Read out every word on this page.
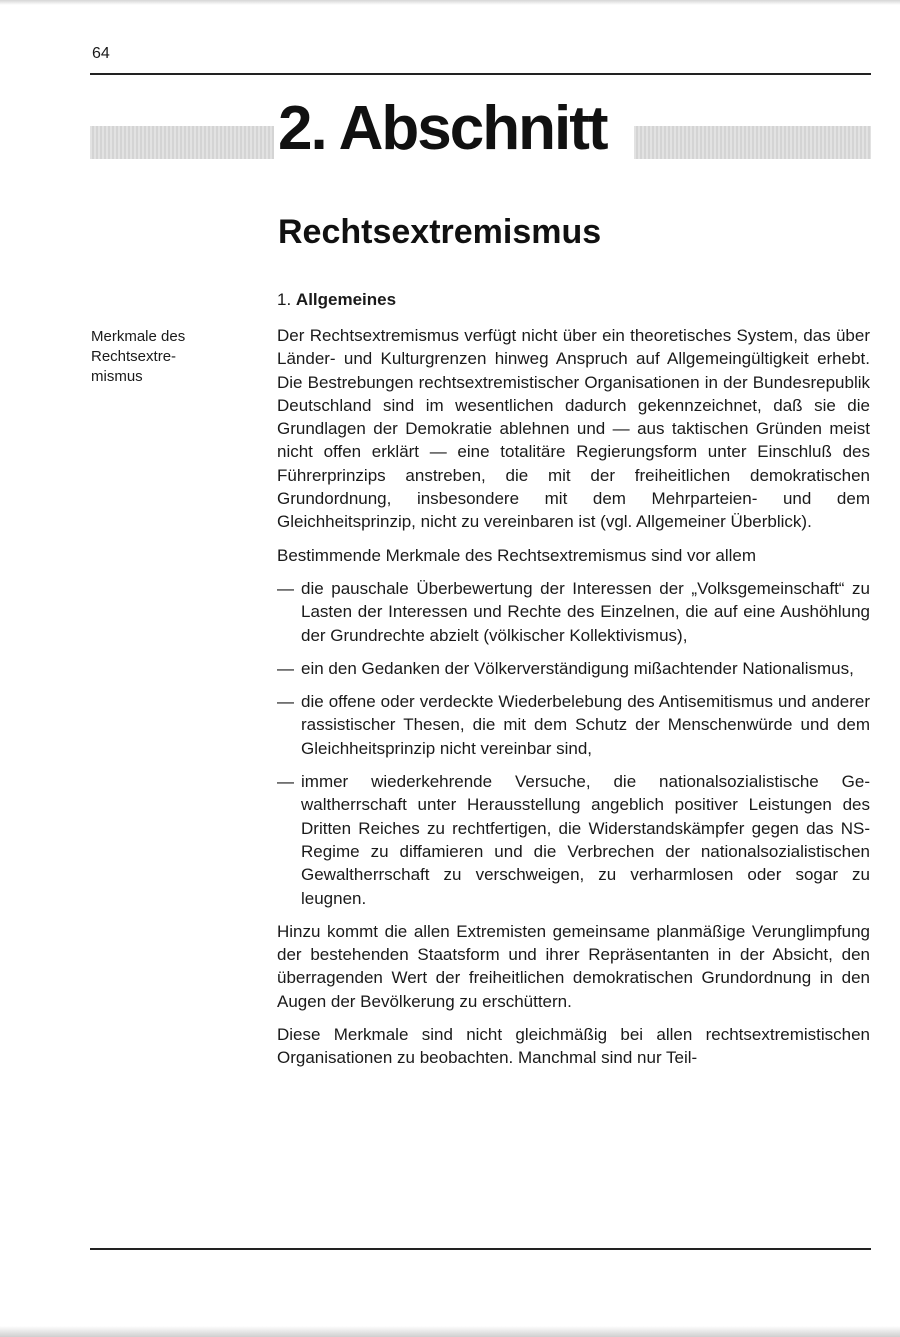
64
2. Abschnitt
Rechtsextremismus
1. Allgemeines
Merkmale des
Rechtsextre-
mismus

Der Rechtsextremismus verfügt nicht über ein theoretisches System, das über Länder- und Kulturgrenzen hinweg Anspruch auf Allgemeingültigkeit erhebt. Die Bestrebungen rechtsextremistischer Organisationen in der Bundesrepublik Deutschland sind im wesentlichen dadurch gekennzeichnet, daß sie die Grundlagen der Demokratie ablehnen und — aus taktischen Gründen meist nicht offen erklärt — eine totalitäre Regierungsform unter Einschluß des Führerprinzips anstreben, die mit der freiheitlichen demokratischen Grundordnung, insbesondere mit dem Mehrparteien- und dem Gleichheitsprinzip, nicht zu vereinbaren ist (vgl. Allgemeiner Überblick).

Bestimmende Merkmale des Rechtsextremismus sind vor allem

— die pauschale Überbewertung der Interessen der „Volksgemeinschaft“ zu Lasten der Interessen und Rechte des Einzelnen, die auf eine Aushöhlung der Grundrechte abzielt (völkischer Kollektivismus),
— ein den Gedanken der Völkerverständigung mißachtender Nationalismus,
— die offene oder verdeckte Wiederbelebung des Antisemitismus und anderer rassistischer Thesen, die mit dem Schutz der Menschenwürde und dem Gleichheitsprinzip nicht vereinbar sind,
— immer wiederkehrende Versuche, die nationalsozialistische Gewaltherrschaft unter Herausstellung angeblich positiver Leistungen des Dritten Reiches zu rechtfertigen, die Widerstandskämpfer gegen das NS-Regime zu diffamieren und die Verbrechen der nationalsozialistischen Gewaltherrschaft zu verschweigen, zu verharmlosen oder sogar zu leugnen.

Hinzu kommt die allen Extremisten gemeinsame planmäßige Verunglimpfung der bestehenden Staatsform und ihrer Repräsentanten in der Absicht, den überragenden Wert der freiheitlichen demokratischen Grundordnung in den Augen der Bevölkerung zu erschüttern.

Diese Merkmale sind nicht gleichmäßig bei allen rechtsextremistischen Organisationen zu beobachten. Manchmal sind nur Teil-
